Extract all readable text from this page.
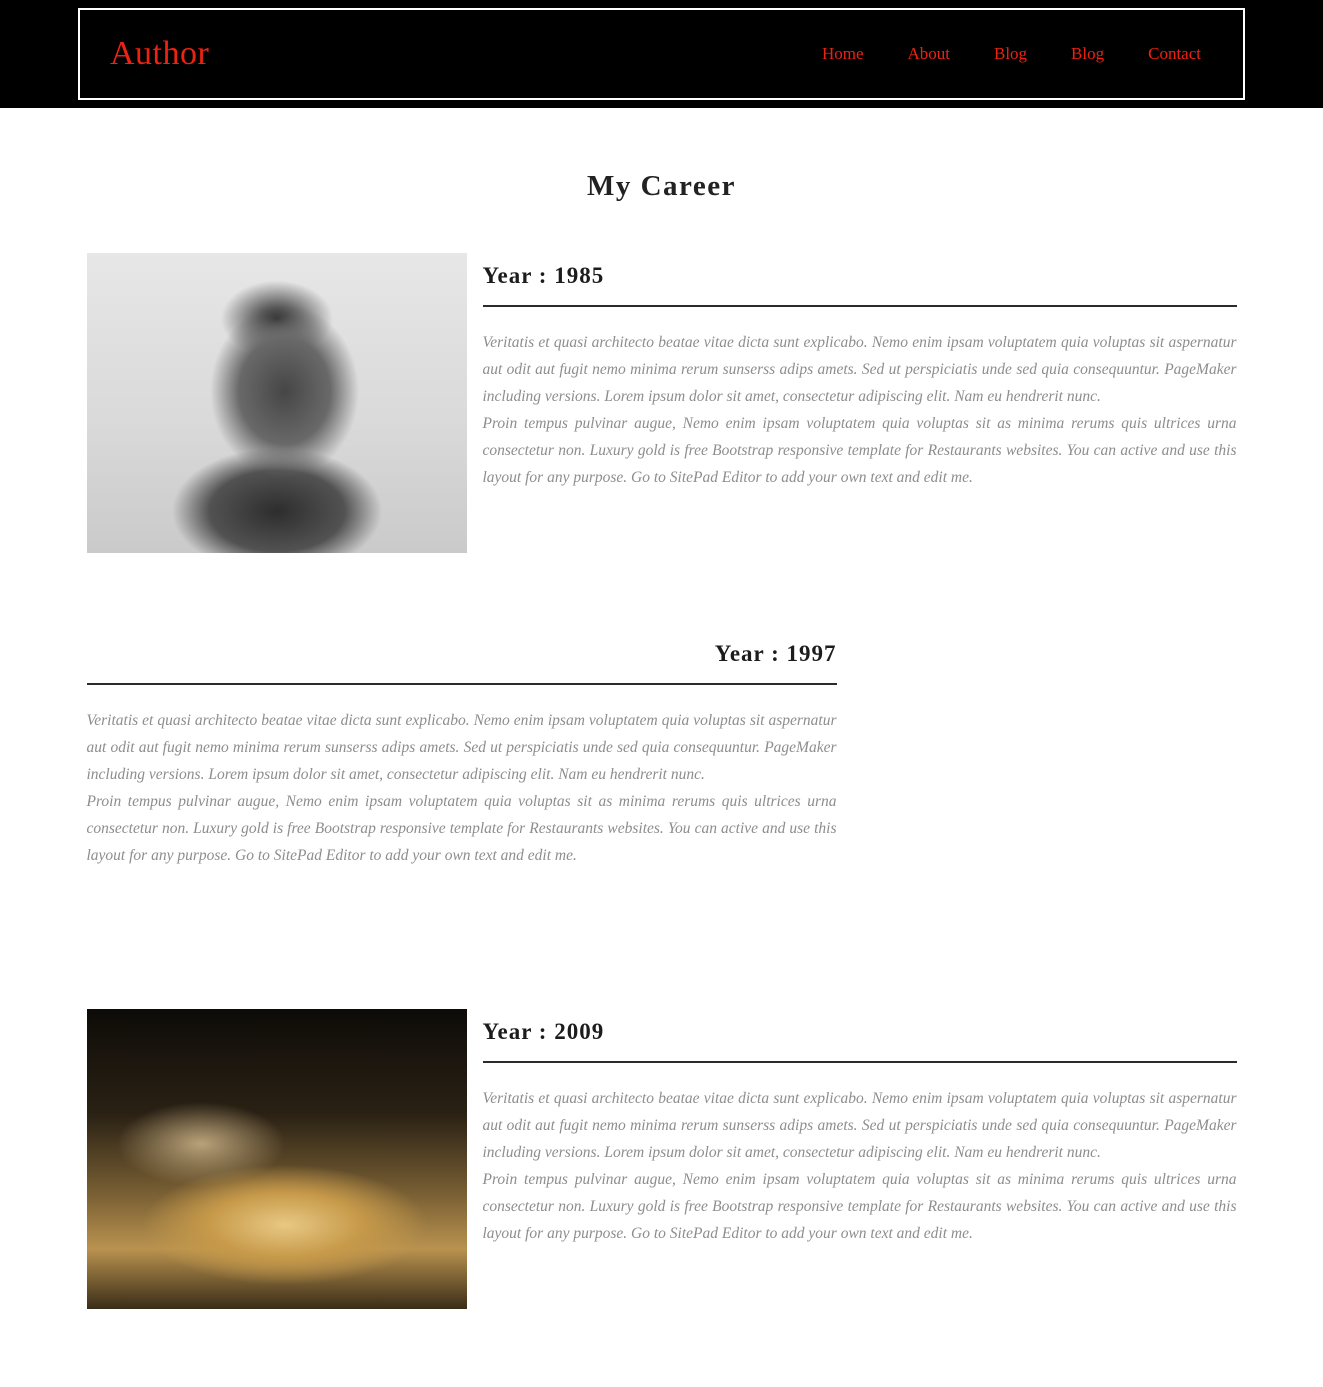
Author	Home	About	Blog	Blog	Contact
My Career
Year : 1985

Veritatis et quasi architecto beatae vitae dicta sunt explicabo. Nemo enim ipsam voluptatem quia voluptas sit aspernatur aut odit aut fugit nemo minima rerum sunserss adips amets. Sed ut perspiciatis unde sed quia consequuntur. PageMaker including versions. Lorem ipsum dolor sit amet, consectetur adipiscing elit. Nam eu hendrerit nunc.

Proin tempus pulvinar augue, Nemo enim ipsam voluptatem quia voluptas sit as minima rerums quis ultrices urna consectetur non. Luxury gold is free Bootstrap responsive template for Restaurants websites. You can active and use this layout for any purpose. Go to SitePad Editor to add your own text and edit me.

Year : 1997

Veritatis et quasi architecto beatae vitae dicta sunt explicabo. Nemo enim ipsam voluptatem quia voluptas sit aspernatur aut odit aut fugit nemo minima rerum sunserss adips amets. Sed ut perspiciatis unde sed quia consequuntur. PageMaker including versions. Lorem ipsum dolor sit amet, consectetur adipiscing elit. Nam eu hendrerit nunc.

Proin tempus pulvinar augue, Nemo enim ipsam voluptatem quia voluptas sit as minima rerums quis ultrices urna consectetur non. Luxury gold is free Bootstrap responsive template for Restaurants websites. You can active and use this layout for any purpose. Go to SitePad Editor to add your own text and edit me.

Year : 2009

Veritatis et quasi architecto beatae vitae dicta sunt explicabo. Nemo enim ipsam voluptatem quia voluptas sit aspernatur aut odit aut fugit nemo minima rerum sunserss adips amets. Sed ut perspiciatis unde sed quia consequuntur. PageMaker including versions. Lorem ipsum dolor sit amet, consectetur adipiscing elit. Nam eu hendrerit nunc.

Proin tempus pulvinar augue, Nemo enim ipsam voluptatem quia voluptas sit as minima rerums quis ultrices urna consectetur non. Luxury gold is free Bootstrap responsive template for Restaurants websites. You can active and use this layout for any purpose. Go to SitePad Editor to add your own text and edit me.
